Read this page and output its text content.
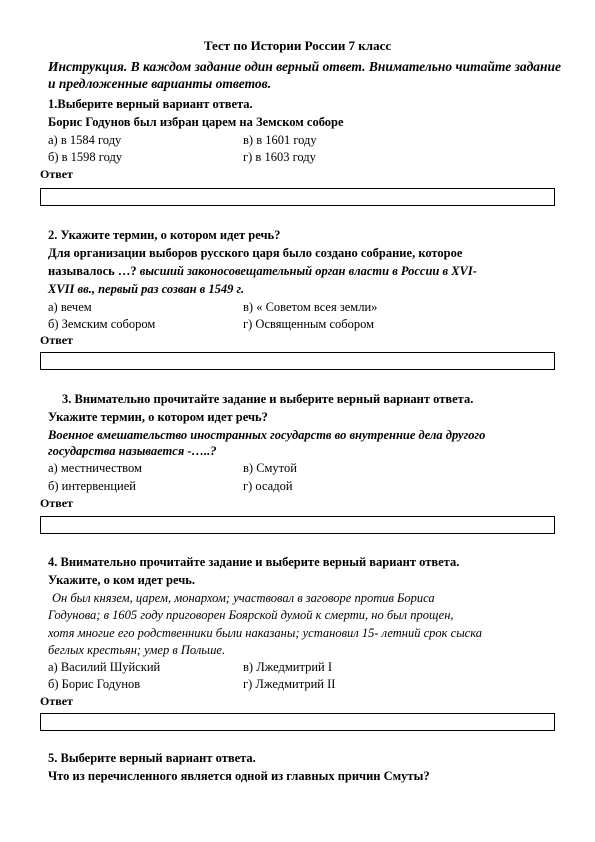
Тест по Истории России 7 класс
Инструкция. В каждом задание один верный ответ. Внимательно читайте задание и предложенные варианты ответов.
1.Выберите верный вариант ответа.
Борис Годунов был избран царем на Земском соборе
а) в 1584 году	в) в 1601 году
б) в 1598 году	г) в 1603 году
Ответ
2. Укажите термин, о котором идет речь?
Для организации выборов русского царя было создано собрание, которое
называлось …? высший законосовещательный орган власти в России в XVI-
XVII вв., первый раз созван в 1549 г.
а) вечем	в) « Советом всея земли»
б) Земским собором	г) Освященным собором
Ответ
3. Внимательно прочитайте задание и выберите верный вариант ответа.
Укажите термин, о котором идет речь?
Военное вмешательство иностранных государств во внутренние дела другого
государства называется -…..?
а) местничеством	в) Смутой
б) интервенцией	г) осадой
Ответ
4. Внимательно прочитайте задание и выберите верный вариант ответа.
Укажите, о ком идет речь.
Он был князем, царем, монархом; участвовал в заговоре против Бориса
Годунова; в 1605 году приговорен Боярской думой к смерти, но был прощен,
хотя многие его родственники были наказаны; установил 15- летний срок сыска
беглых крестьян; умер в Польше.
а) Василий Шуйский	в) Лжедмитрий I
б) Борис Годунов	г) Лжедмитрий II
Ответ
5. Выберите верный вариант ответа.
Что из перечисленного является одной из главных причин Смуты?
